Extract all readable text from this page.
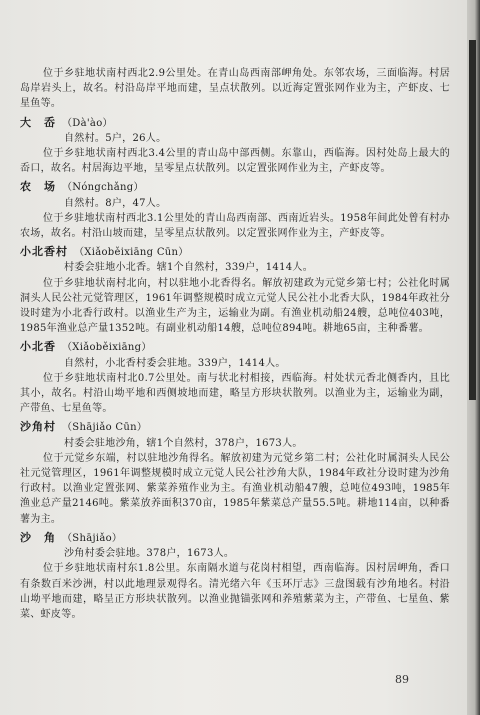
位于乡驻地状南村西北2.9公里处。在青山岛西南部岬角处。东邻农场，三面临海。村居岛岸岩头上，故名。村沿岛岸平地而建，呈点状散列。以近海定置张网作业为主，产虾皮、七星鱼等。

大　岙 （Dà'ào）

自然村。5户，26人。

位于乡驻地状南村西北3.4公里的青山岛中部西侧。东靠山，西临海。因村处岛上最大的岙口，故名。村居海边平地，呈零星点状散列。以定置张网作业为主，产虾皮等。

农　场 （Nóngchǎng）

自然村。8户，47人。

位于乡驻地状南村西北3.1公里处的青山岛西南部、西南近岩头。1958年间此处曾有村办农场，故名。村沿山坡而建，呈零星点状散列。以定置张网作业为主，产虾皮等。

小北香村 （Xiǎoběixiāng Cūn）

村委会驻地小北香。辖1个自然村，339户，1414人。

位于乡驻地状南村北向，村以驻地小北香得名。解放初建政为元觉乡第七村；公社化时属洞头人民公社元觉管理区，1961年调整规模时成立元觉人民公社小北香大队，1984年政社分设时建为小北香行政村。以渔业生产为主，运输业为副。有渔业机动船24艘，总吨位403吨，1985年渔业总产量1352吨。有副业机动船14艘，总吨位894吨。耕地65亩，主种番薯。

小北香 （Xiǎoběixiāng）

自然村，小北香村委会驻地。339户，1414人。

位于乡驻地状南村北0.7公里处。南与状北村相接，西临海。村处状元香北侧香内，且比其小，故名。村沿山坳平地和西侧坡地而建，略呈方形块状散列。以渔业为主，运输业为副，产带鱼、七星鱼等。

沙角村 （Shājiǎo Cūn）

村委会驻地沙角，辖1个自然村，378户，1673人。

位于元觉乡东端，村以驻地沙角得名。解放初建为元觉乡第二村；公社化时属洞头人民公社元觉管理区，1961年调整规模时成立元觉人民公社沙角大队，1984年政社分设时建为沙角行政村。以渔业定置张网、紫菜养殖作业为主。有渔业机动船47艘，总吨位493吨，1985年渔业总产量2146吨。紫菜放养面积370亩，1985年紫菜总产量55.5吨。耕地114亩，以种番薯为主。

沙　角 （Shājiǎo）

沙角村委会驻地。378户，1673人。

位于乡驻地状南村东1.8公里。东南隔水道与花岗村相望，西南临海。因村居岬角，香口有条数百米沙洲，村以此地理景观得名。清光绪六年《玉环厅志》三盘图载有沙角地名。村沿山坳平地而建，略呈正方形块状散列。以渔业抛锚张网和养殖紫菜为主，产带鱼、七星鱼、紫菜、虾皮等。

89
